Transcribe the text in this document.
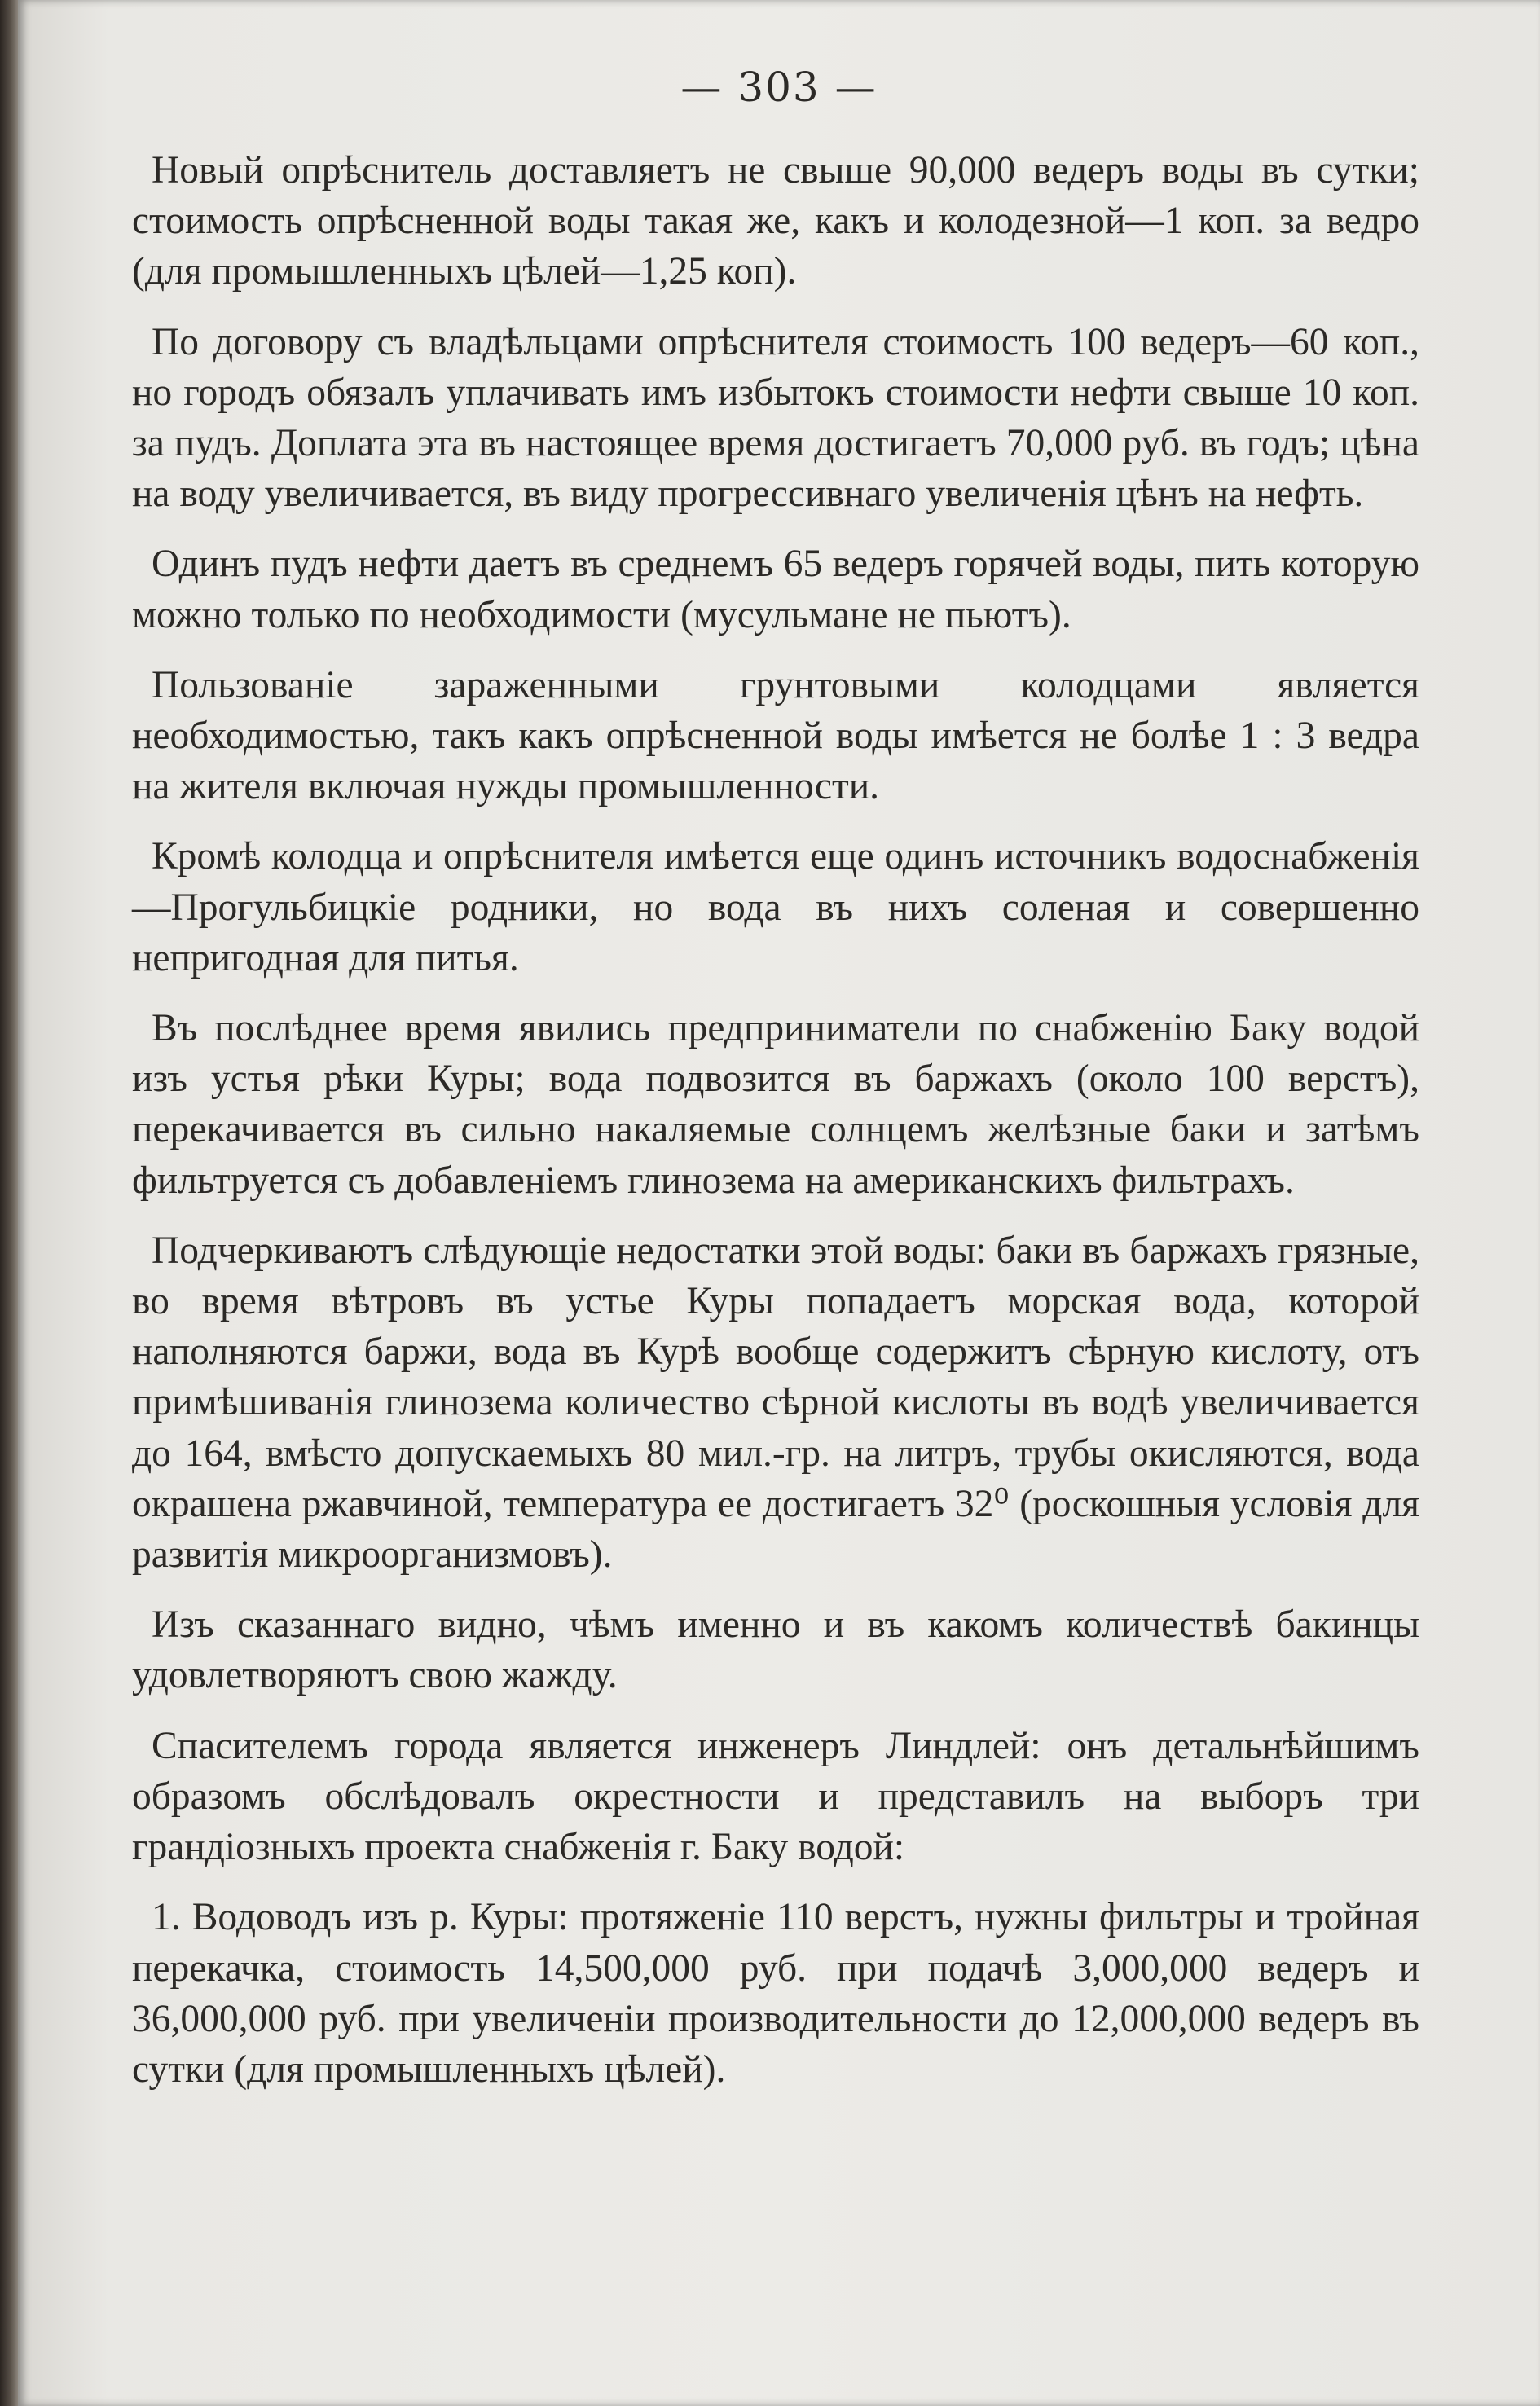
— 303 —

Новый опрѣснитель доставляетъ не свыше 90,000 ведеръ воды въ сутки; стоимость опрѣсненной воды такая же, какъ и колодезной—1 коп. за ведро (для промышленныхъ цѣлей—1,25 коп).

По договору съ владѣльцами опрѣснителя стоимость 100 ведеръ—60 коп., но городъ обязалъ уплачивать имъ избытокъ стоимости нефти свыше 10 коп. за пудъ. Доплата эта въ настоящее время достигаетъ 70,000 руб. въ годъ; цѣна на воду увеличивается, въ виду прогрессивнаго увеличенія цѣнъ на нефть.

Одинъ пудъ нефти даетъ въ среднемъ 65 ведеръ горячей воды, пить которую можно только по необходимости (мусульмане не пьютъ).

Пользованіе зараженными грунтовыми колодцами является необходимостью, такъ какъ опрѣсненной воды имѣется не болѣе 1 : 3 ведра на жителя включая нужды промышленности.

Кромѣ колодца и опрѣснителя имѣется еще одинъ источникъ водоснабженія—Прогульбицкіе родники, но вода въ нихъ соленая и совершенно непригодная для питья.

Въ послѣднее время явились предприниматели по снабженію Баку водой изъ устья рѣки Куры; вода подвозится въ баржахъ (около 100 верстъ), перекачивается въ сильно накаляемые солнцемъ желѣзные баки и затѣмъ фильтруется съ добавленіемъ глинозема на американскихъ фильтрахъ.

Подчеркиваютъ слѣдующіе недостатки этой воды: баки въ баржахъ грязные, во время вѣтровъ въ устье Куры попадаетъ морская вода, которой наполняются баржи, вода въ Курѣ вообще содержитъ сѣрную кислоту, отъ примѣшиванія глинозема количество сѣрной кислоты въ водѣ увеличивается до 164, вмѣсто допускаемыхъ 80 мил.-гр. на литръ, трубы окисляются, вода окрашена ржавчиной, температура ее достигаетъ 32⁰ (роскошныя условія для развитія микроорганизмовъ).

Изъ сказаннаго видно, чѣмъ именно и въ какомъ количествѣ бакинцы удовлетворяютъ свою жажду.

Спасителемъ города является инженеръ Линдлей: онъ детальнѣйшимъ образомъ обслѣдовалъ окрестности и представилъ на выборъ три грандіозныхъ проекта снабженія г. Баку водой:

1. Водоводъ изъ р. Куры: протяженіе 110 верстъ, нужны фильтры и тройная перекачка, стоимость 14,500,000 руб. при подачѣ 3,000,000 ведеръ и 36,000,000 руб. при увеличеніи производительности до 12,000,000 ведеръ въ сутки (для промышленныхъ цѣлей).
